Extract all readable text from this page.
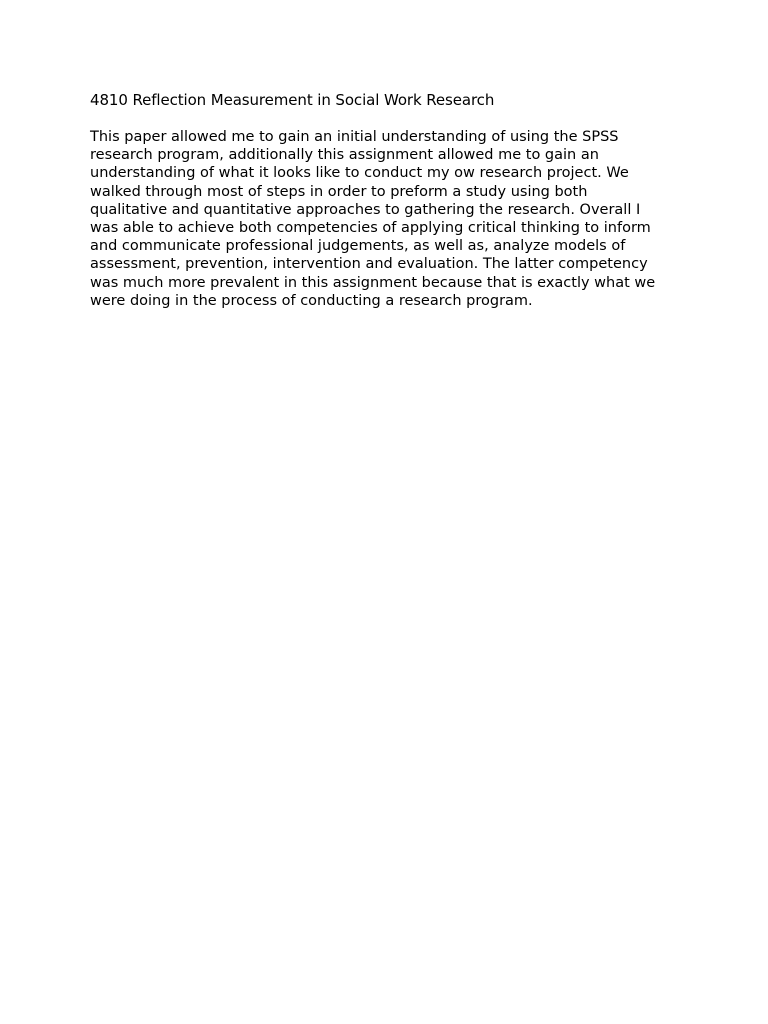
4810 Reflection Measurement in Social Work Research

This paper allowed me to gain an initial understanding of using the SPSS
research program, additionally this assignment allowed me to gain an
understanding of what it looks like to conduct my ow research project. We
walked through most of steps in order to preform a study using both
qualitative and quantitative approaches to gathering the research. Overall I
was able to achieve both competencies of applying critical thinking to inform
and communicate professional judgements, as well as, analyze models of
assessment, prevention, intervention and evaluation. The latter competency
was much more prevalent in this assignment because that is exactly what we
were doing in the process of conducting a research program.
